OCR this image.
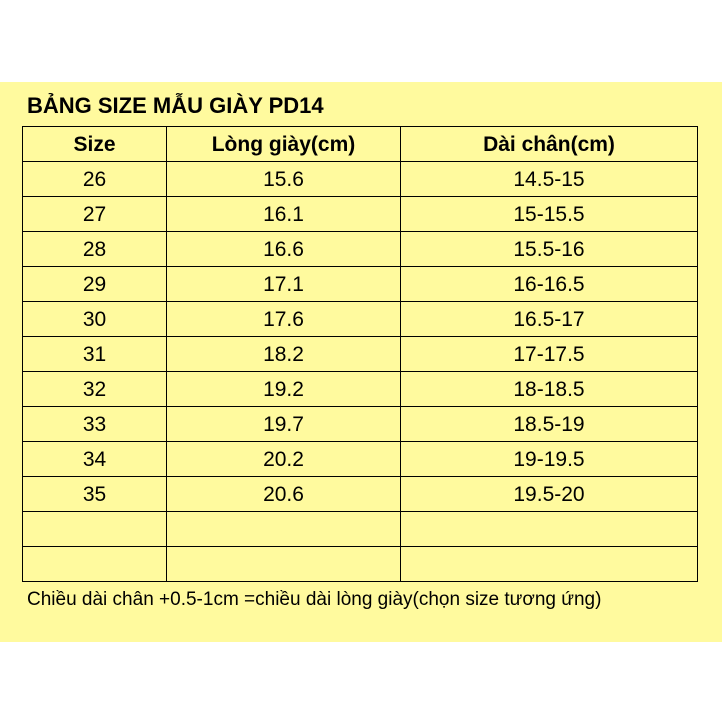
BẢNG SIZE MẪU GIÀY PD14
Size	Lòng giày(cm)	Dài chân(cm)
26	15.6	14.5-15
27	16.1	15-15.5
28	16.6	15.5-16
29	17.1	16-16.5
30	17.6	16.5-17
31	18.2	17-17.5
32	19.2	18-18.5
33	19.7	18.5-19
34	20.2	19-19.5
35	20.6	19.5-20

Chiều dài chân +0.5-1cm =chiều dài lòng giày(chọn size tương ứng)
